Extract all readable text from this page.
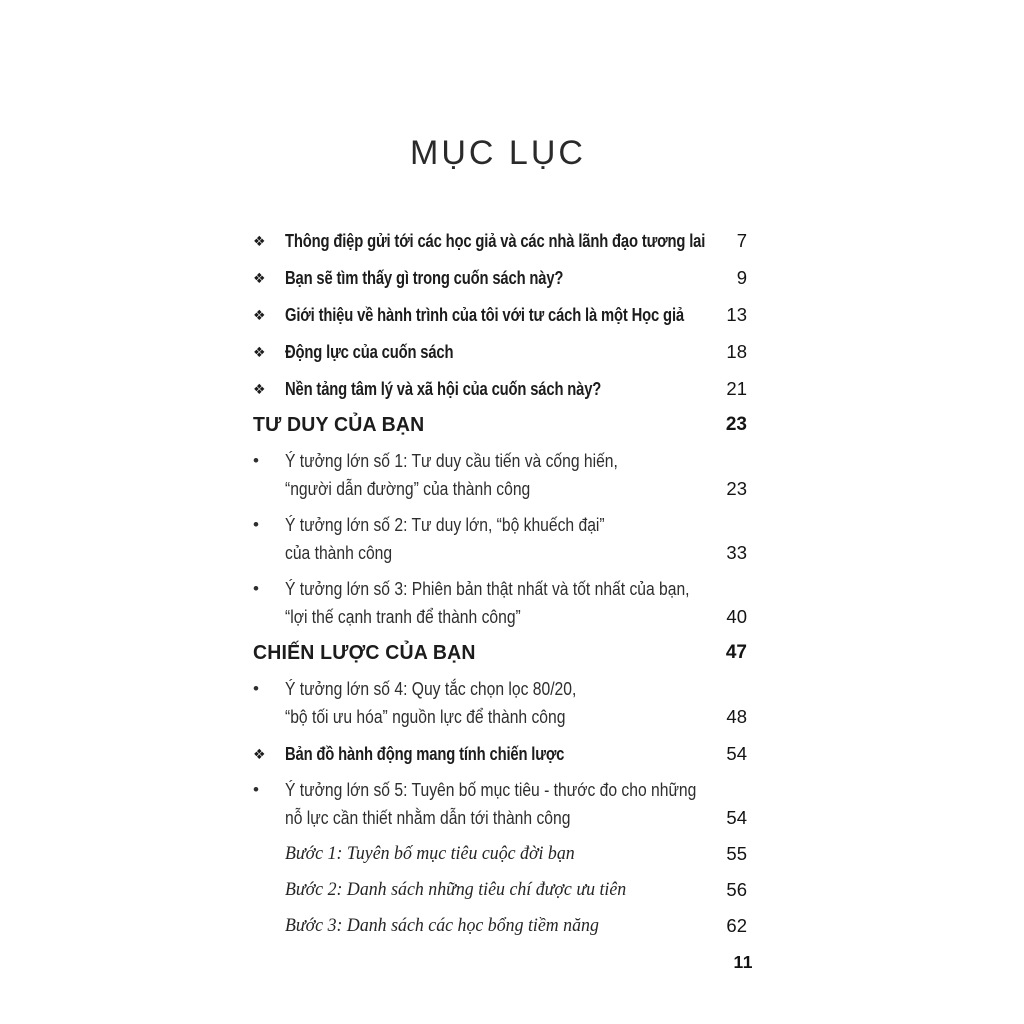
MỤC LỤC
❖	Thông điệp gửi tới các học giả và các nhà lãnh đạo tương lai	7
❖	Bạn sẽ tìm thấy gì trong cuốn sách này?	9
❖	Giới thiệu về hành trình của tôi với tư cách là một Học giả	13
❖	Động lực của cuốn sách	18
❖	Nền tảng tâm lý và xã hội của cuốn sách này?	21
TƯ DUY CỦA BẠN	23
•	Ý tưởng lớn số 1: Tư duy cầu tiến và cống hiến,
“người dẫn đường” của thành công	23
•	Ý tưởng lớn số 2: Tư duy lớn, “bộ khuếch đại”
của thành công	33
•	Ý tưởng lớn số 3: Phiên bản thật nhất và tốt nhất của bạn,
“lợi thế cạnh tranh để thành công”	40
CHIẾN LƯỢC CỦA BẠN	47
•	Ý tưởng lớn số 4: Quy tắc chọn lọc 80/20,
“bộ tối ưu hóa” nguồn lực để thành công	48
❖	Bản đồ hành động mang tính chiến lược	54
•	Ý tưởng lớn số 5: Tuyên bố mục tiêu - thước đo cho những
nỗ lực cần thiết nhằm dẫn tới thành công	54
Bước 1: Tuyên bố mục tiêu cuộc đời bạn	55
Bước 2: Danh sách những tiêu chí được ưu tiên	56
Bước 3: Danh sách các học bổng tiềm năng	62
11
